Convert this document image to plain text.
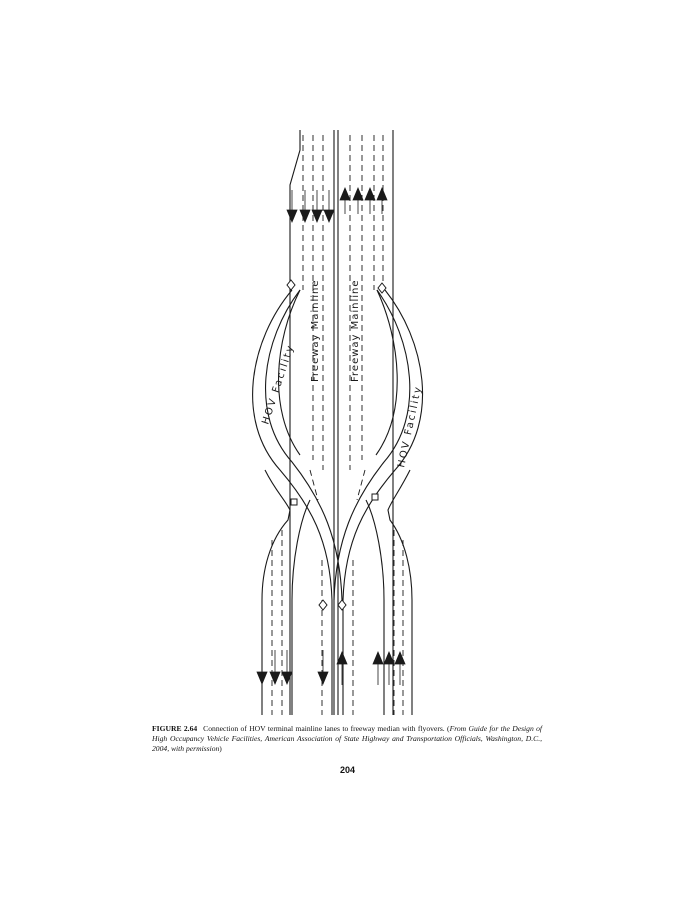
HOV Facility	HOV Facility
Freeway Mainline	Freeway Mainline
FIGURE 2.64 Connection of HOV terminal mainline lanes to freeway median with flyovers. (From Guide for the Design of High Occupancy Vehicle Facilities, American Association of State Highway and Transportation Officials, Washington, D.C., 2004, with permission)
204
